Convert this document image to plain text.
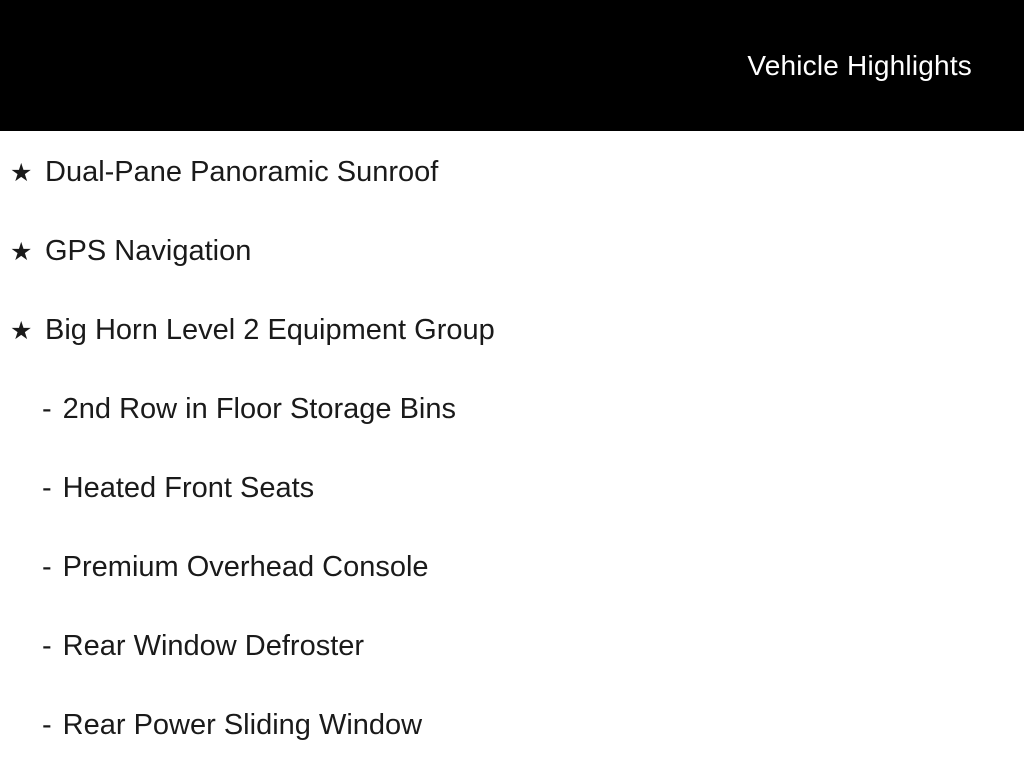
Vehicle Highlights
★ Dual-Pane Panoramic Sunroof
★ GPS Navigation
★ Big Horn Level 2 Equipment Group
- 2nd Row in Floor Storage Bins
- Heated Front Seats
- Premium Overhead Console
- Rear Window Defroster
- Rear Power Sliding Window
